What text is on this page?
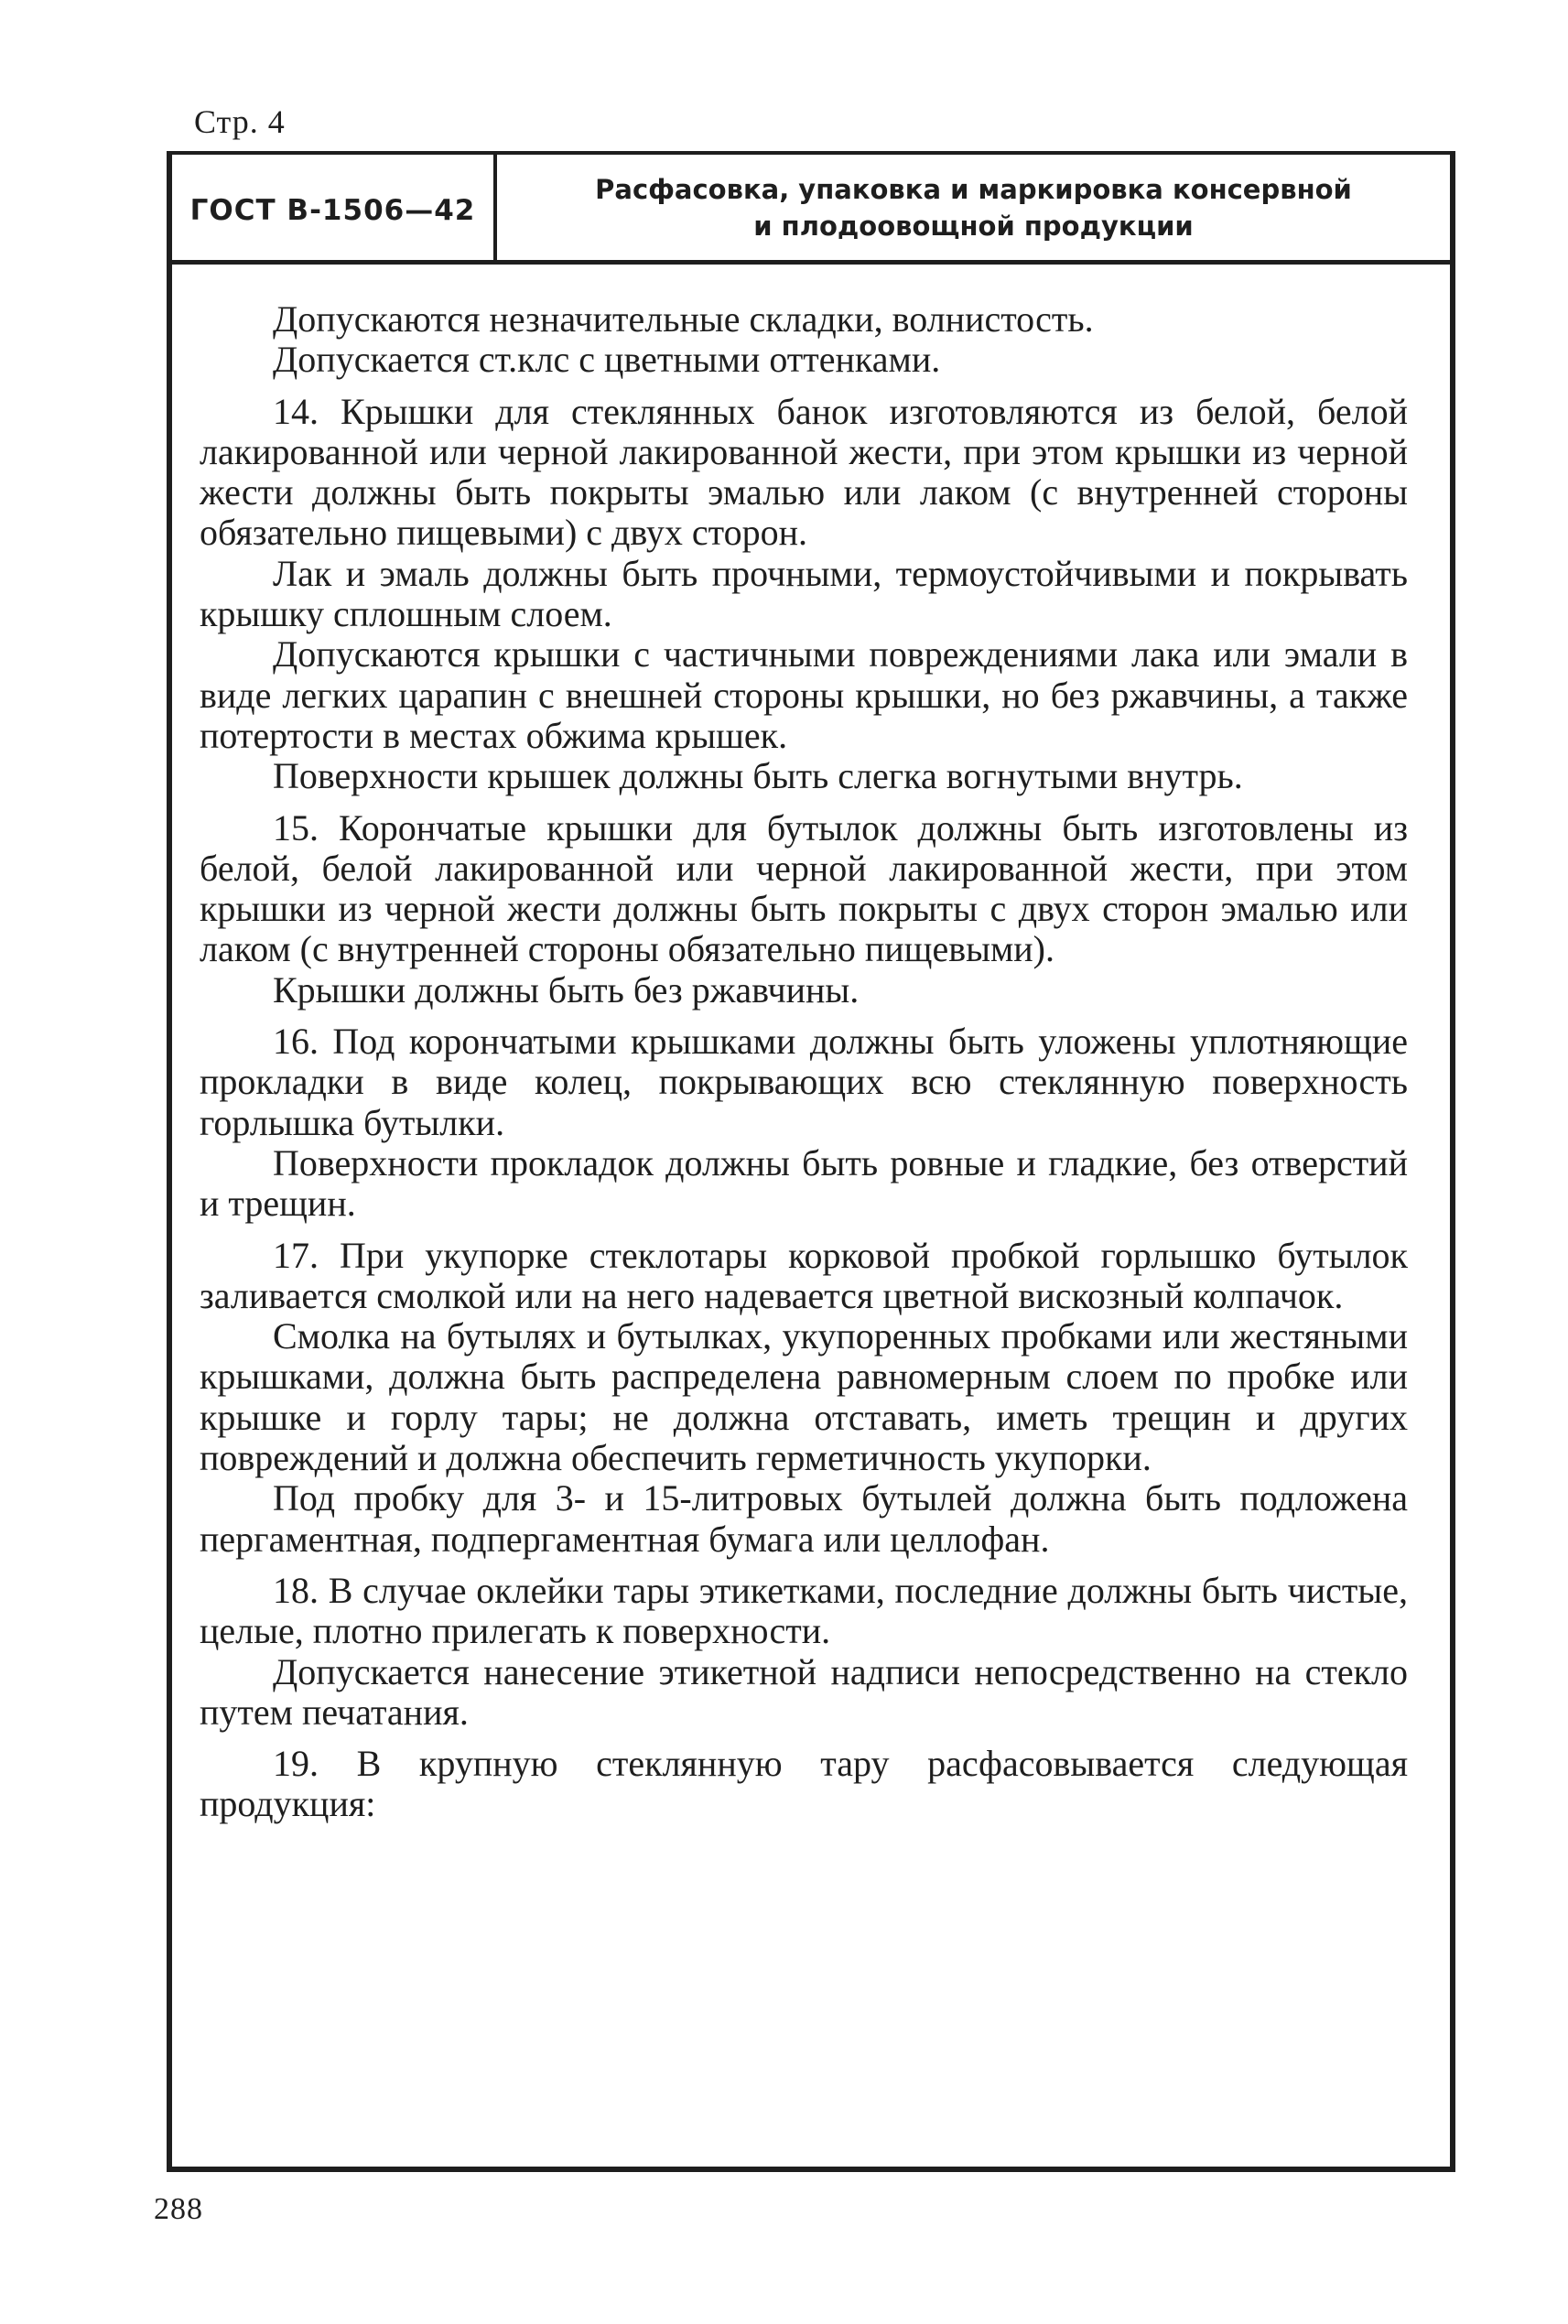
Стр. 4
ГОСТ В-1506—42
Расфасовка, упаковка и маркировка консервной
и плодоовощной продукции

Допускаются незначительные складки, волнистость.

Допускается ст.клс с цветными оттенками.

14. Крышки для стеклянных банок изготовляются из белой, белой лакированной или черной лакированной жести, при этом крышки из черной жести должны быть покрыты эмалью или лаком (с внутренней стороны обязательно пищевыми) с двух сторон.

Лак и эмаль должны быть прочными, термоустойчивыми и покрывать крышку сплошным слоем.

Допускаются крышки с частичными повреждениями лака или эмали в виде легких царапин с внешней стороны крышки, но без ржавчины, а также потертости в местах обжима крышек.

Поверхности крышек должны быть слегка вогнутыми внутрь.

15. Корончатые крышки для бутылок должны быть изготовлены из белой, белой лакированной или черной лакированной жести, при этом крышки из черной жести должны быть покрыты с двух сторон эмалью или лаком (с внутренней стороны обязательно пищевыми).

Крышки должны быть без ржавчины.

16. Под корончатыми крышками должны быть уложены уплотняющие прокладки в виде колец, покрывающих всю стеклянную поверхность горлышка бутылки.

Поверхности прокладок должны быть ровные и гладкие, без отверстий и трещин.

17. При укупорке стеклотары корковой пробкой горлышко бутылок заливается смолкой или на него надевается цветной вискозный колпачок.

Смолка на бутылях и бутылках, укупоренных пробками или жестяными крышками, должна быть распределена равномерным слоем по пробке или крышке и горлу тары; не должна отставать, иметь трещин и других повреждений и должна обеспечить герметичность укупорки.

Под пробку для 3- и 15-литровых бутылей должна быть подложена пергаментная, подпергаментная бумага или целлофан.

18. В случае оклейки тары этикетками, последние должны быть чистые, целые, плотно прилегать к поверхности.

Допускается нанесение этикетной надписи непосредственно на стекло путем печатания.

19. В крупную стеклянную тару расфасовывается следующая продукция:

288
